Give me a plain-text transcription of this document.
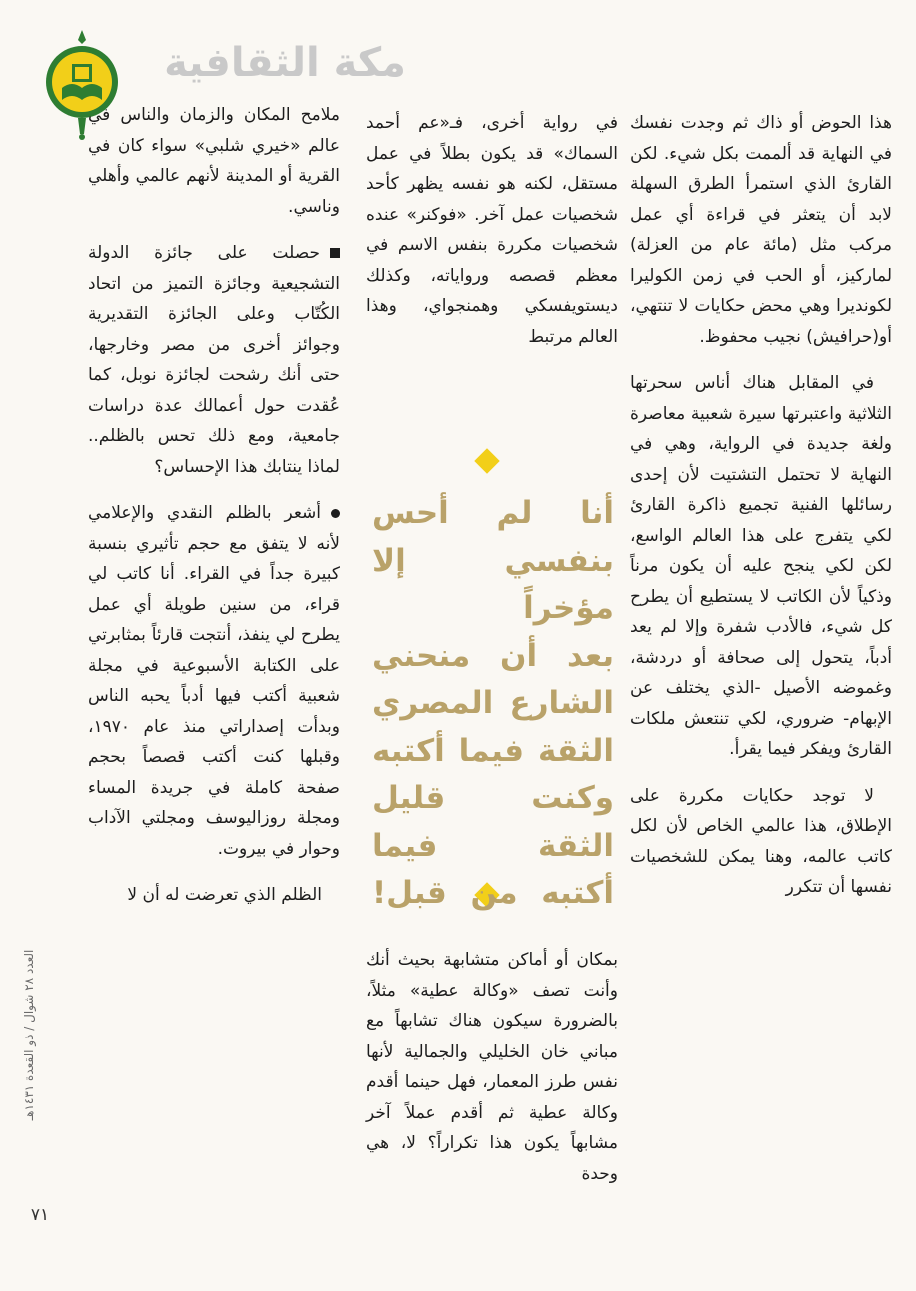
مكة الثقافية

هذا الحوض أو ذاك ثم وجدت نفسك في النهاية قد ألممت بكل شيء. لكن القارئ الذي استمرأ الطرق السهلة لابد أن يتعثر في قراءة أي عمل مركب مثل (مائة عام من العزلة) لماركيز، أو الحب في زمن الكوليرا لكونديرا وهي محض حكايات لا تنتهي، أو(حرافيش) نجيب محفوظ.

في المقابل هناك أناس سحرتها الثلاثية واعتبرتها سيرة شعبية معاصرة ولغة جديدة في الرواية، وهي في النهاية لا تحتمل التشتيت لأن إحدى رسائلها الفنية تجميع ذاكرة القارئ لكي يتفرج على هذا العالم الواسع، لكن لكي ينجح عليه أن يكون مرناً وذكياً لأن الكاتب لا يستطيع أن يطرح كل شيء، فالأدب شفرة وإلا لم يعد أدباً، يتحول إلى صحافة أو دردشة، وغموضه الأصيل -الذي يختلف عن الإبهام- ضروري، لكي تنتعش ملكات القارئ ويفكر فيما يقرأ.

لا توجد حكايات مكررة على الإطلاق، هذا عالمي الخاص لأن لكل كاتب عالمه، وهنا يمكن للشخصيات نفسها أن تتكرر

في رواية أخرى، فـ«عم أحمد السماك» قد يكون بطلاً في عمل مستقل، لكنه هو نفسه يظهر كأحد شخصيات عمل آخر. «فوكنر» عنده شخصيات مكررة بنفس الاسم في معظم قصصه ورواياته، وكذلك ديستويفسكي وهمنجواي، وهذا العالم مرتبط

أنا لم أحس
بنفسي إلا مؤخراً
بعد أن منحني
الشارع المصري
الثقة فيما أكتبه
وكنت قليل
الثقة فيما
أكتبه من قبل!

بمكان أو أماكن متشابهة بحيث أنك وأنت تصف «وكالة عطية» مثلاً، بالضرورة سيكون هناك تشابهاً مع مباني خان الخليلي والجمالية لأنها نفس طرز المعمار، فهل حينما أقدم وكالة عطية ثم أقدم عملاً آخر مشابهاً يكون هذا تكراراً؟ لا، هي وحدة

ملامح المكان والزمان والناس في عالم «خيري شلبي» سواء كان في القرية أو المدينة لأنهم عالمي وأهلي وناسي.

حصلت على جائزة الدولة التشجيعية وجائزة التميز من اتحاد الكُتّاب وعلى الجائزة التقديرية وجوائز أخرى من مصر وخارجها، حتى أنك رشحت لجائزة نوبل، كما عُقدت حول أعمالك عدة دراسات جامعية، ومع ذلك تحس بالظلم.. لماذا ينتابك هذا الإحساس؟

أشعر بالظلم النقدي والإعلامي لأنه لا يتفق مع حجم تأثيري بنسبة كبيرة جداً في القراء. أنا كاتب لي قراء، من سنين طويلة أي عمل يطرح لي ينفذ، أنتجت قارئاً بمثابرتي على الكتابة الأسبوعية في مجلة شعبية أكتب فيها أدباً يحبه الناس وبدأت إصداراتي منذ عام ١٩٧٠، وقبلها كنت أكتب قصصاً بحجم صفحة كاملة في جريدة المساء ومجلة روزاليوسف ومجلتي الآداب وحوار في بيروت.

الظلم الذي تعرضت له أن لا

العدد ٢٨ شوال / ذو القعدة ١٤٣١هـ
٧١
